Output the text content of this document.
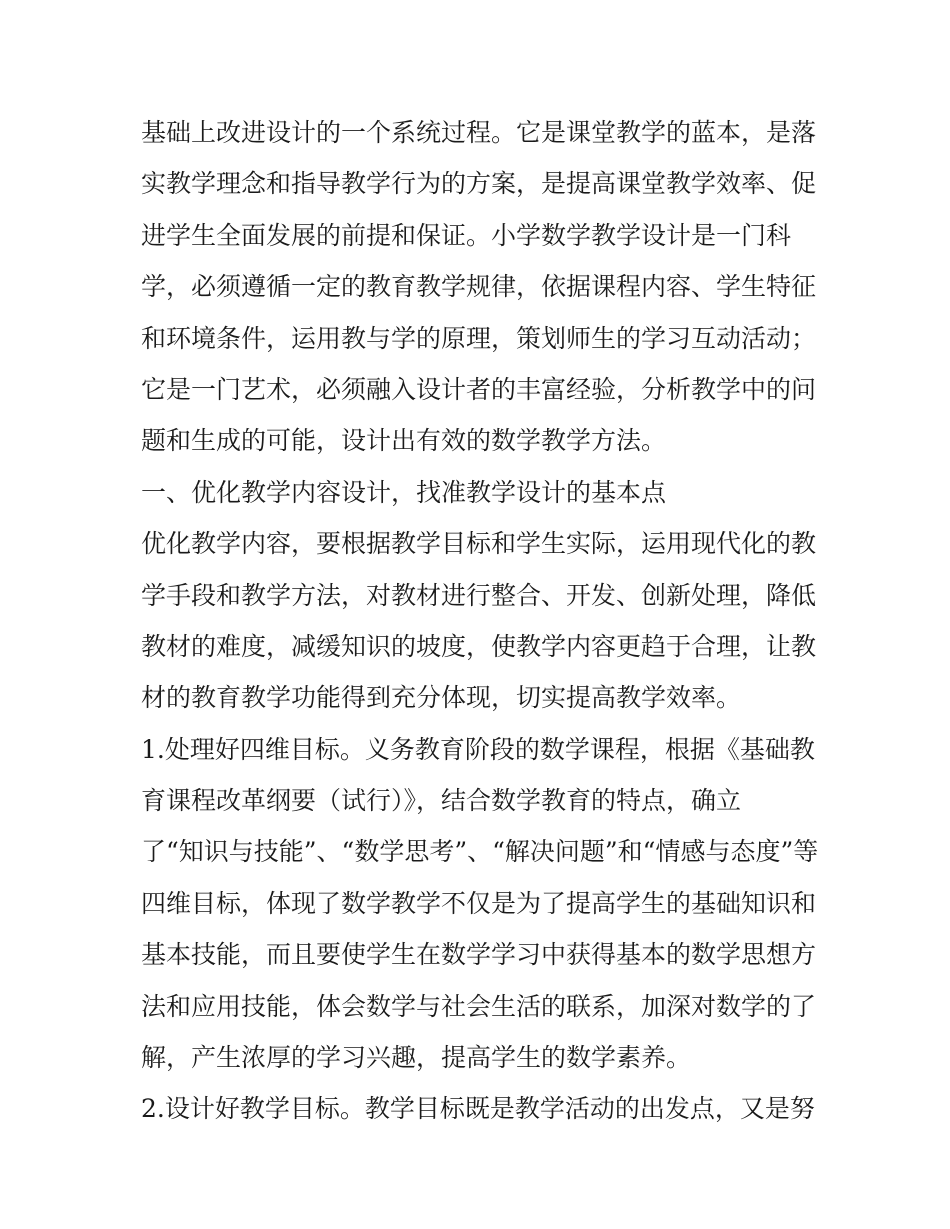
基础上改进设计的一个系统过程。它是课堂教学的蓝本，是落
实教学理念和指导教学行为的方案，是提高课堂教学效率、促
进学生全面发展的前提和保证。小学数学教学设计是一门科
学，必须遵循一定的教育教学规律，依据课程内容、学生特征
和环境条件，运用教与学的原理，策划师生的学习互动活动；
它是一门艺术，必须融入设计者的丰富经验，分析教学中的问
题和生成的可能，设计出有效的数学教学方法。
一、优化教学内容设计，找准教学设计的基本点
优化教学内容，要根据教学目标和学生实际，运用现代化的教
学手段和教学方法，对教材进行整合、开发、创新处理，降低
教材的难度，减缓知识的坡度，使教学内容更趋于合理，让教
材的教育教学功能得到充分体现，切实提高教学效率。
1.处理好四维目标。义务教育阶段的数学课程，根据《基础教
育课程改革纲要（试行）》，结合数学教育的特点，确立
了“知识与技能”、“数学思考”、“解决问题”和“情感与态度”等
四维目标，体现了数学教学不仅是为了提高学生的基础知识和
基本技能，而且要使学生在数学学习中获得基本的数学思想方
法和应用技能，体会数学与社会生活的联系，加深对数学的了
解，产生浓厚的学习兴趣，提高学生的数学素养。
2.设计好教学目标。教学目标既是教学活动的出发点，又是努
